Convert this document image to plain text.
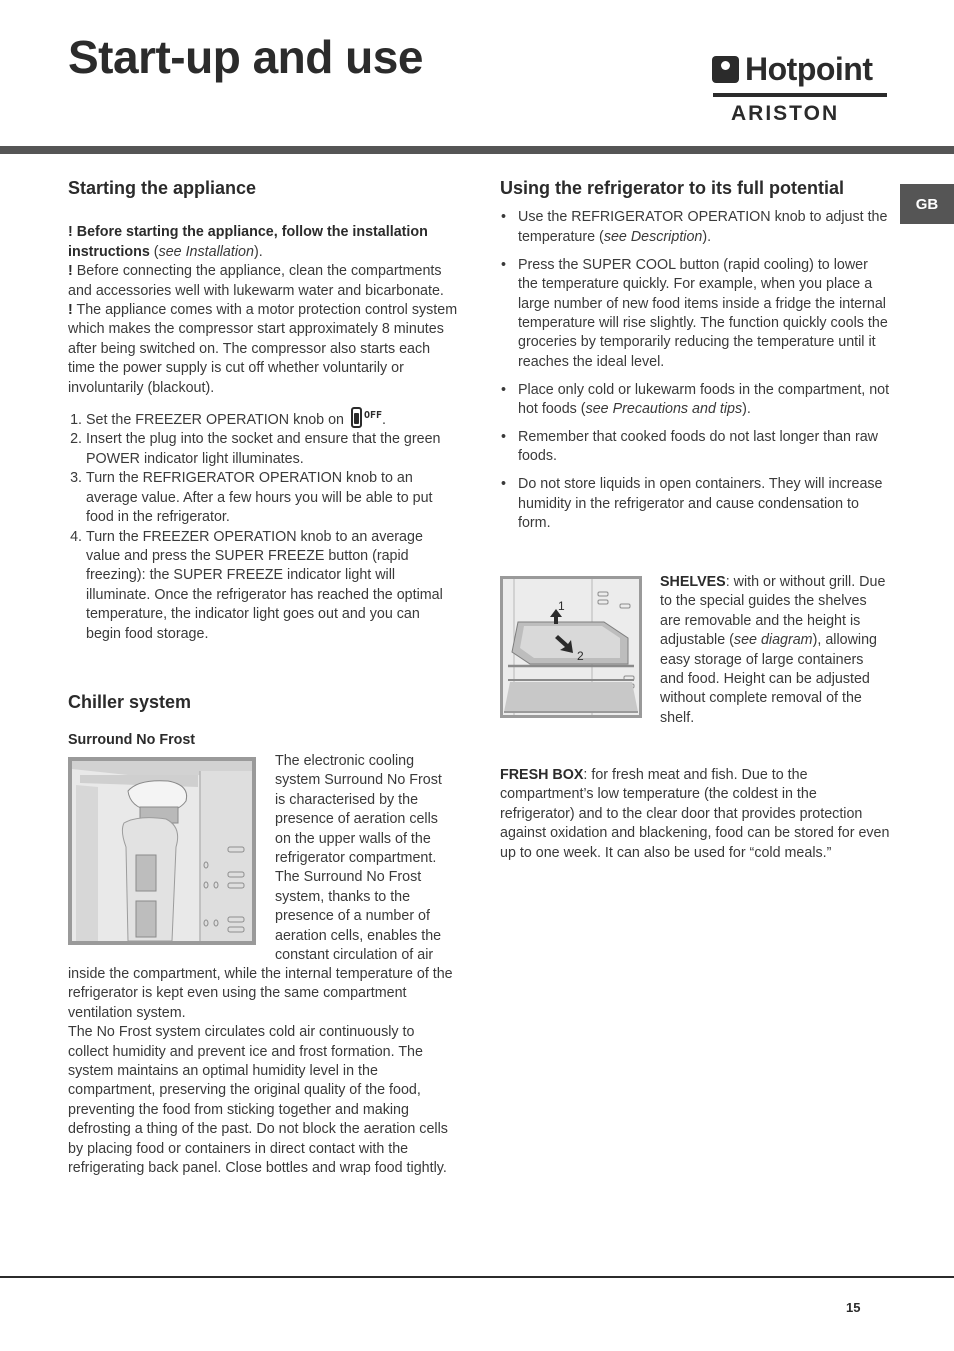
Start-up and use	Hotpoint
ARISTON
GB
Starting the appliance

! Before starting the appliance, follow the installation instructions (see Installation).

! Before connecting the appliance, clean the compartments and accessories well with lukewarm water and bicarbonate.

! The appliance comes with a motor protection control system which makes the compressor start approximately 8 minutes after being switched on. The compressor also starts each time the power supply is cut off whether voluntarily or involuntarily (blackout).

1. Set the FREEZER OPERATION knob on $^{OFF}$.
2. Insert the plug into the socket and ensure that the green POWER indicator light illuminates.
3. Turn the REFRIGERATOR OPERATION knob to an average value. After a few hours you will be able to put food in the refrigerator.
4. Turn the FREEZER OPERATION knob to an average value and press the SUPER FREEZE button (rapid freezing): the SUPER FREEZE indicator light will illuminate. Once the refrigerator has reached the optimal temperature, the indicator light goes out and you can begin food storage.
Chiller system

Surround No Frost

The electronic cooling

system Surround No Frost

is characterised by the

presence of aeration cells

on the upper walls of the

refrigerator compartment.

The Surround No Frost

system, thanks to the

presence of a number of

aeration cells, enables the

constant circulation of air

inside the compartment, while the internal temperature of the refrigerator is kept even using the same compartment ventilation system.

The No Frost system circulates cold air continuously to collect humidity and prevent ice and frost formation. The system maintains an optimal humidity level in the compartment, preserving the original quality of the food, preventing the food from sticking together and making defrosting a thing of the past. Do not block the aeration cells by placing food or containers in direct contact with the refrigerating back panel. Close bottles and wrap food tightly.

Using the refrigerator to its full potential
• Use the REFRIGERATOR OPERATION knob to adjust the temperature (see Description).
• Press the SUPER COOL button (rapid cooling) to lower the temperature quickly. For example, when you place a large number of new food items inside a fridge the internal temperature will rise slightly. The function quickly cools the groceries by temporarily reducing the temperature until it reaches the ideal level.
• Place only cold or lukewarm foods in the compartment, not hot foods (see Precautions and tips).
• Remember that cooked foods do not last longer than raw foods.
• Do not store liquids in open containers. They will increase humidity in the refrigerator and cause condensation to form.
1
2

SHELVES: with or without grill. Due to the special guides the shelves are removable and the height is adjustable (see diagram), allowing easy storage of large containers and food. Height can be adjusted without complete removal of the shelf.

FRESH BOX: for fresh meat and fish. Due to the compartment’s low temperature (the coldest in the refrigerator) and to the clear door that provides protection against oxidation and blackening, food can be stored for even up to one week. It can also be used for “cold meals.”

15
